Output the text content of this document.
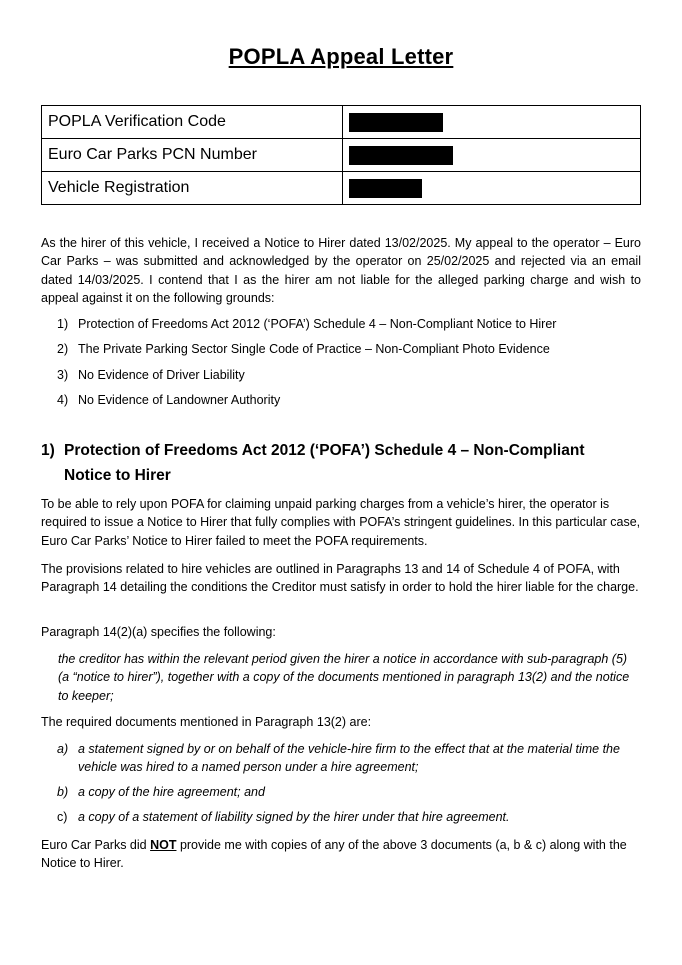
POPLA Appeal Letter
POPLA Verification Code	
Euro Car Parks PCN Number	
Vehicle Registration	

As the hirer of this vehicle, I received a Notice to Hirer dated 13/02/2025. My appeal to the operator – Euro Car Parks – was submitted and acknowledged by the operator on 25/02/2025 and rejected via an email dated 14/03/2025. I contend that I as the hirer am not liable for the alleged parking charge and wish to appeal against it on the following grounds:

1) Protection of Freedoms Act 2012 (‘POFA’) Schedule 4 – Non-Compliant Notice to Hirer
2) The Private Parking Sector Single Code of Practice – Non-Compliant Photo Evidence
3) No Evidence of Driver Liability
4) No Evidence of Landowner Authority
1) Protection of Freedoms Act 2012 (‘POFA’) Schedule 4 – Non-Compliant
Notice to Hirer

To be able to rely upon POFA for claiming unpaid parking charges from a vehicle’s hirer, the operator is required to issue a Notice to Hirer that fully complies with POFA’s stringent guidelines. In this particular case, Euro Car Parks’ Notice to Hirer failed to meet the POFA requirements.

The provisions related to hire vehicles are outlined in Paragraphs 13 and 14 of Schedule 4 of POFA, with Paragraph 14 detailing the conditions the Creditor must satisfy in order to hold the hirer liable for the charge.

Paragraph 14(2)(a) specifies the following:

the creditor has within the relevant period given the hirer a notice in accordance with sub-paragraph (5) (a “notice to hirer”), together with a copy of the documents mentioned in paragraph 13(2) and the notice to keeper;

The required documents mentioned in Paragraph 13(2) are:

a) a statement signed by or on behalf of the vehicle-hire firm to the effect that at the material time the vehicle was hired to a named person under a hire agreement;
b) a copy of the hire agreement; and
c) a copy of a statement of liability signed by the hirer under that hire agreement.

Euro Car Parks did NOT provide me with copies of any of the above 3 documents (a, b & c) along with the Notice to Hirer.
